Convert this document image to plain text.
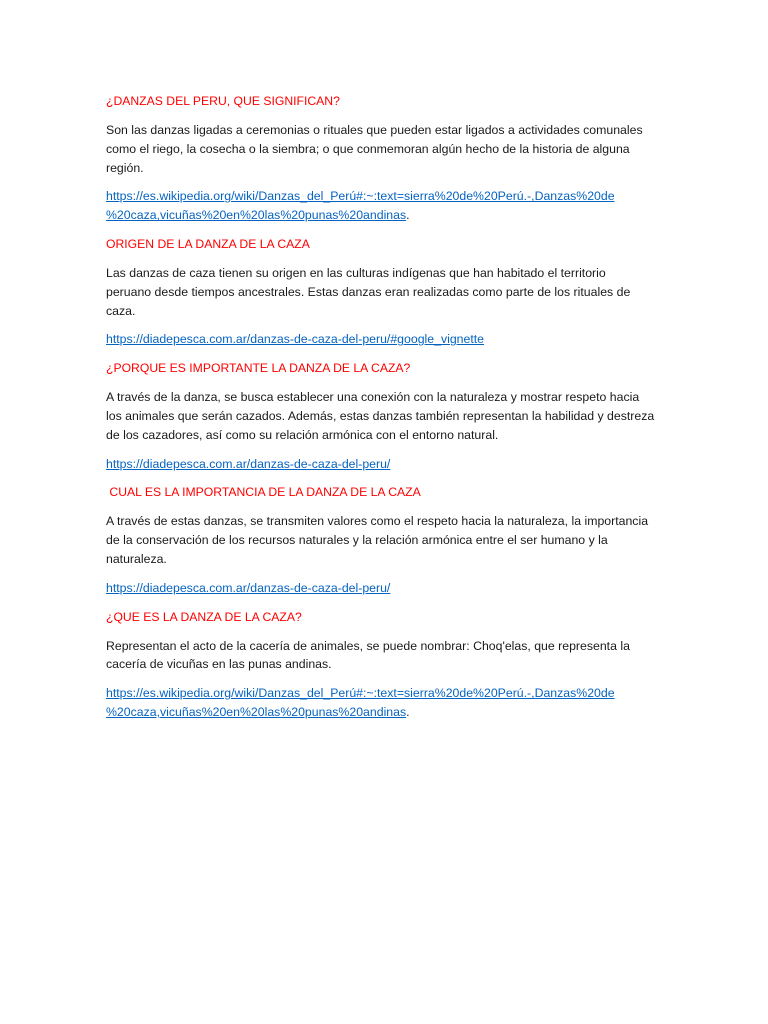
¿DANZAS DEL PERU, QUE SIGNIFICAN?

Son las danzas ligadas a ceremonias o rituales que pueden estar ligados a actividades comunales
como el riego, la cosecha o la siembra; o que conmemoran algún hecho de la historia de alguna
región.

https://es.wikipedia.org/wiki/Danzas_del_Perú#:~:text=sierra%20de%20Perú.-,Danzas%20de
%20caza,vicuñas%20en%20las%20punas%20andinas.

ORIGEN DE LA DANZA DE LA CAZA

Las danzas de caza tienen su origen en las culturas indígenas que han habitado el territorio
peruano desde tiempos ancestrales. Estas danzas eran realizadas como parte de los rituales de
caza.

https://diadepesca.com.ar/danzas-de-caza-del-peru/#google_vignette

¿PORQUE ES IMPORTANTE LA DANZA DE LA CAZA?

A través de la danza, se busca establecer una conexión con la naturaleza y mostrar respeto hacia
los animales que serán cazados. Además, estas danzas también representan la habilidad y destreza
de los cazadores, así como su relación armónica con el entorno natural.

https://diadepesca.com.ar/danzas-de-caza-del-peru/

CUAL ES LA IMPORTANCIA DE LA DANZA DE LA CAZA

A través de estas danzas, se transmiten valores como el respeto hacia la naturaleza, la importancia
de la conservación de los recursos naturales y la relación armónica entre el ser humano y la
naturaleza.

https://diadepesca.com.ar/danzas-de-caza-del-peru/

¿QUE ES LA DANZA DE LA CAZA?

Representan el acto de la cacería de animales, se puede nombrar: Choq'elas, que representa la
cacería de vicuñas en las punas andinas.

https://es.wikipedia.org/wiki/Danzas_del_Perú#:~:text=sierra%20de%20Perú.-,Danzas%20de
%20caza,vicuñas%20en%20las%20punas%20andinas.
